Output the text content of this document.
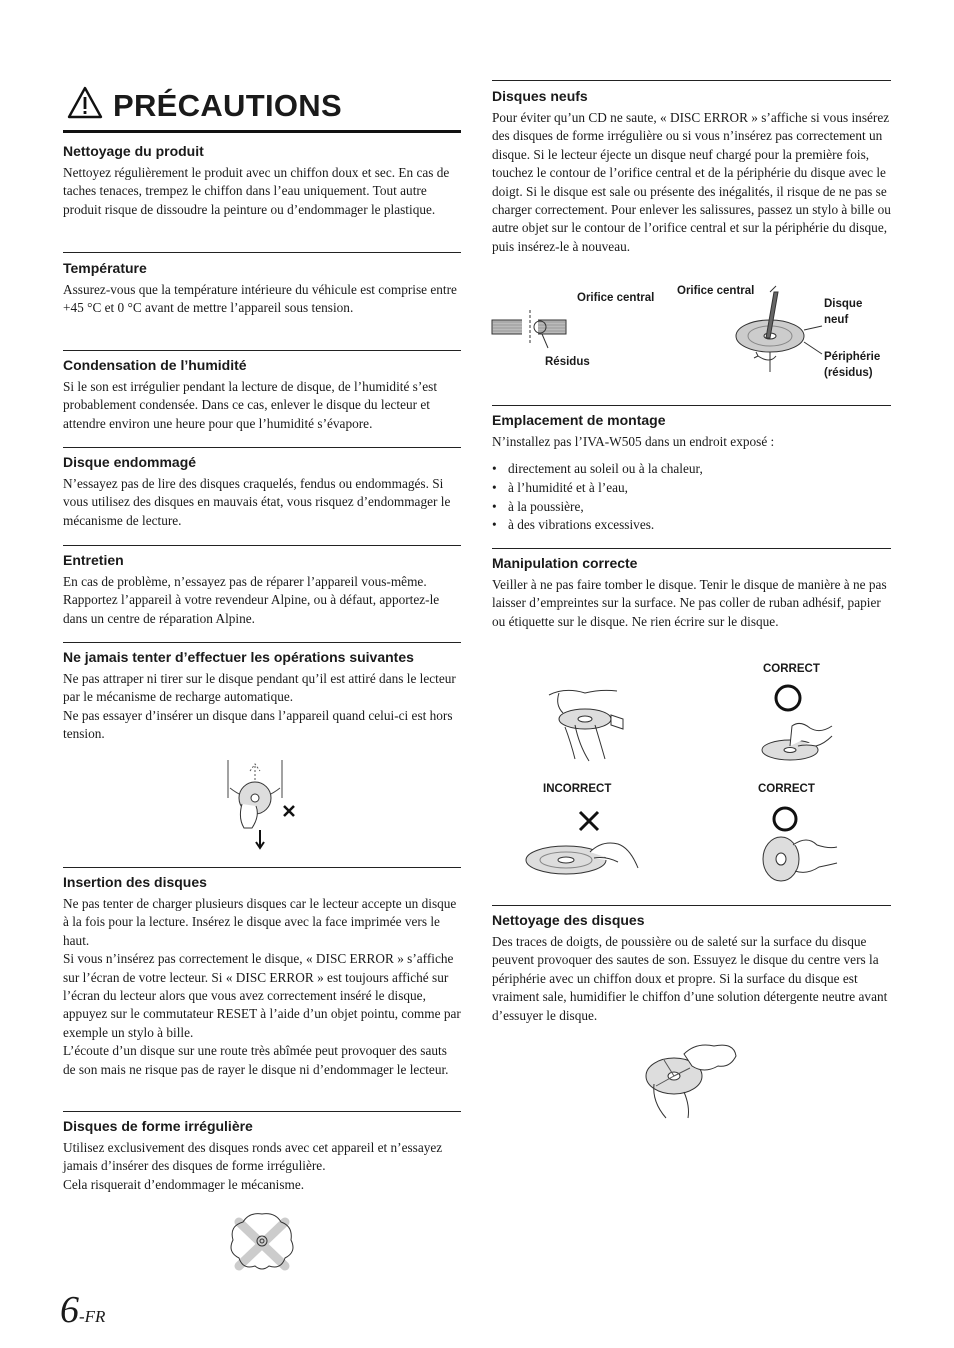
PRÉCAUTIONS
Nettoyage du produit

Nettoyez régulièrement le produit avec un chiffon doux et sec. En cas de taches tenaces, trempez le chiffon dans l’eau uniquement. Tout autre produit risque de dissoudre la peinture ou d’endommager le plastique.

Température

Assurez-vous que la température intérieure du véhicule est comprise entre +45 °C et 0 °C avant de mettre l’appareil sous tension.

Condensation de l’humidité

Si le son est irrégulier pendant la lecture de disque, de l’humidité s’est probablement condensée. Dans ce cas, enlever le disque du lecteur et attendre environ une heure pour que l’humidité s’évapore.

Disque endommagé

N’essayez pas de lire des disques craquelés, fendus ou endommagés. Si vous utilisez des disques en mauvais état, vous risquez d’endommager le mécanisme de lecture.

Entretien

En cas de problème, n’essayez pas de réparer l’appareil vous-même. Rapportez l’appareil à votre revendeur Alpine, ou à défaut, apportez-le dans un centre de réparation Alpine.

Ne jamais tenter d’effectuer les opérations suivantes

Ne pas attraper ni tirer sur le disque pendant qu’il est attiré dans le lecteur par le mécanisme de recharge automatique.

Ne pas essayer d’insérer un disque dans l’appareil quand celui-ci est hors tension.

Insertion des disques

Ne pas tenter de charger plusieurs disques car le lecteur accepte un disque à la fois pour la lecture. Insérez le disque avec la face imprimée vers le haut.

Si vous n’insérez pas correctement le disque, « DISC ERROR » s’affiche sur l’écran de votre lecteur. Si « DISC ERROR » est toujours affiché sur l’écran du lecteur alors que vous avez correctement inséré le disque, appuyez sur le commutateur RESET à l’aide d’un objet pointu, comme par exemple un stylo à bille.

L’écoute d’un disque sur une route très abîmée peut provoquer des sauts de son mais ne risque pas de rayer le disque ni d’endommager le lecteur.

Disques de forme irrégulière

Utilisez exclusivement des disques ronds avec cet appareil et n’essayez jamais d’insérer des disques de forme irrégulière.

Cela risquerait d’endommager le mécanisme.

Disques neufs

Pour éviter qu’un CD ne saute, « DISC ERROR » s’affiche si vous insérez des disques de forme irrégulière ou si vous n’insérez pas correctement un disque. Si le lecteur éjecte un disque neuf chargé pour la première fois, touchez le contour de l’orifice central et de la périphérie du disque avec le doigt. Si le disque est sale ou présente des inégalités, il risque de ne pas se charger correctement. Pour enlever les salissures, passez un stylo à bille ou autre objet sur le contour de l’orifice central et sur la périphérie du disque, puis insérez-le à nouveau.

Orifice central
Résidus
Orifice central
Disque neuf
Périphérie (résidus)
Emplacement de montage

N’installez pas l’IVA-W505 dans un endroit exposé :

• directement au soleil ou à la chaleur,
• à l’humidité et à l’eau,
• à la poussière,
• à des vibrations excessives.
Manipulation correcte

Veiller à ne pas faire tomber le disque. Tenir le disque de manière à ne pas laisser d’empreintes sur la surface. Ne pas coller de ruban adhésif, papier ou étiquette sur le disque. Ne rien écrire sur le disque.

CORRECT
INCORRECT	CORRECT
Nettoyage des disques

Des traces de doigts, de poussière ou de saleté sur la surface du disque peuvent provoquer des sautes de son. Essuyez le disque du centre vers la périphérie avec un chiffon doux et propre. Si la surface du disque est vraiment sale, humidifier le chiffon d’une solution détergente neutre avant d’essuyer le disque.

6-FR
